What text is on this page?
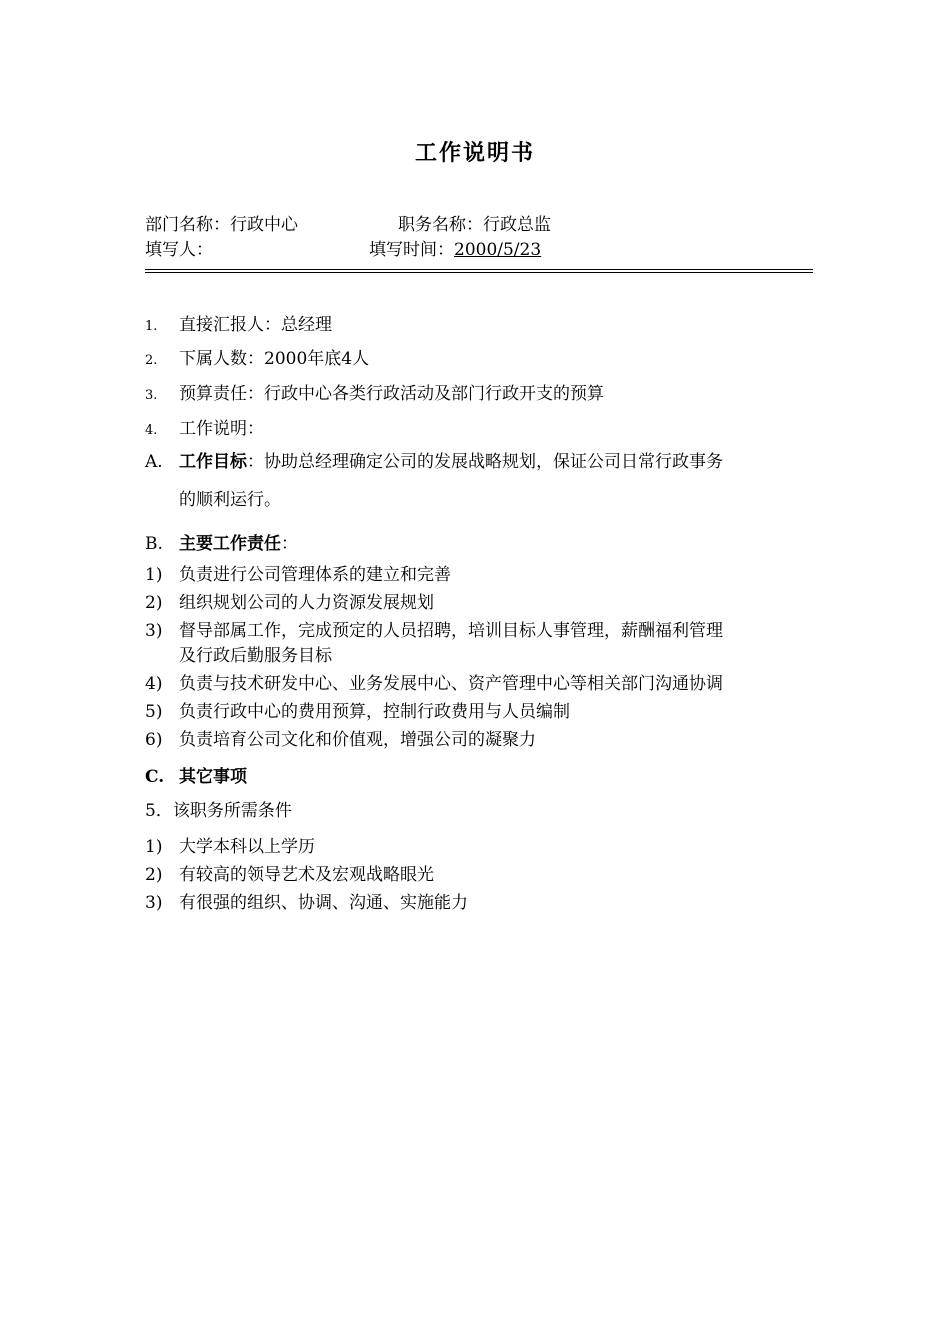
工作说明书
部门名称：行政中心	职务名称：行政总监
填写人：	填写时间：2000/5/23
1. 直接汇报人：总经理
2. 下属人数：2000年底4人
3. 预算责任：行政中心各类行政活动及部门行政开支的预算
4. 工作说明：
A. 工作目标：协助总经理确定公司的发展战略规划，保证公司日常行政事务
的顺利运行。
B. 主要工作责任：
1) 负责进行公司管理体系的建立和完善
2) 组织规划公司的人力资源发展规划
3) 督导部属工作，完成预定的人员招聘，培训目标人事管理，薪酬福利管理
及行政后勤服务目标
4) 负责与技术研发中心、业务发展中心、资产管理中心等相关部门沟通协调
5) 负责行政中心的费用预算，控制行政费用与人员编制
6) 负责培育公司文化和价值观，增强公司的凝聚力
C. 其它事项
5．该职务所需条件
1) 大学本科以上学历
2) 有较高的领导艺术及宏观战略眼光
3) 有很强的组织、协调、沟通、实施能力
